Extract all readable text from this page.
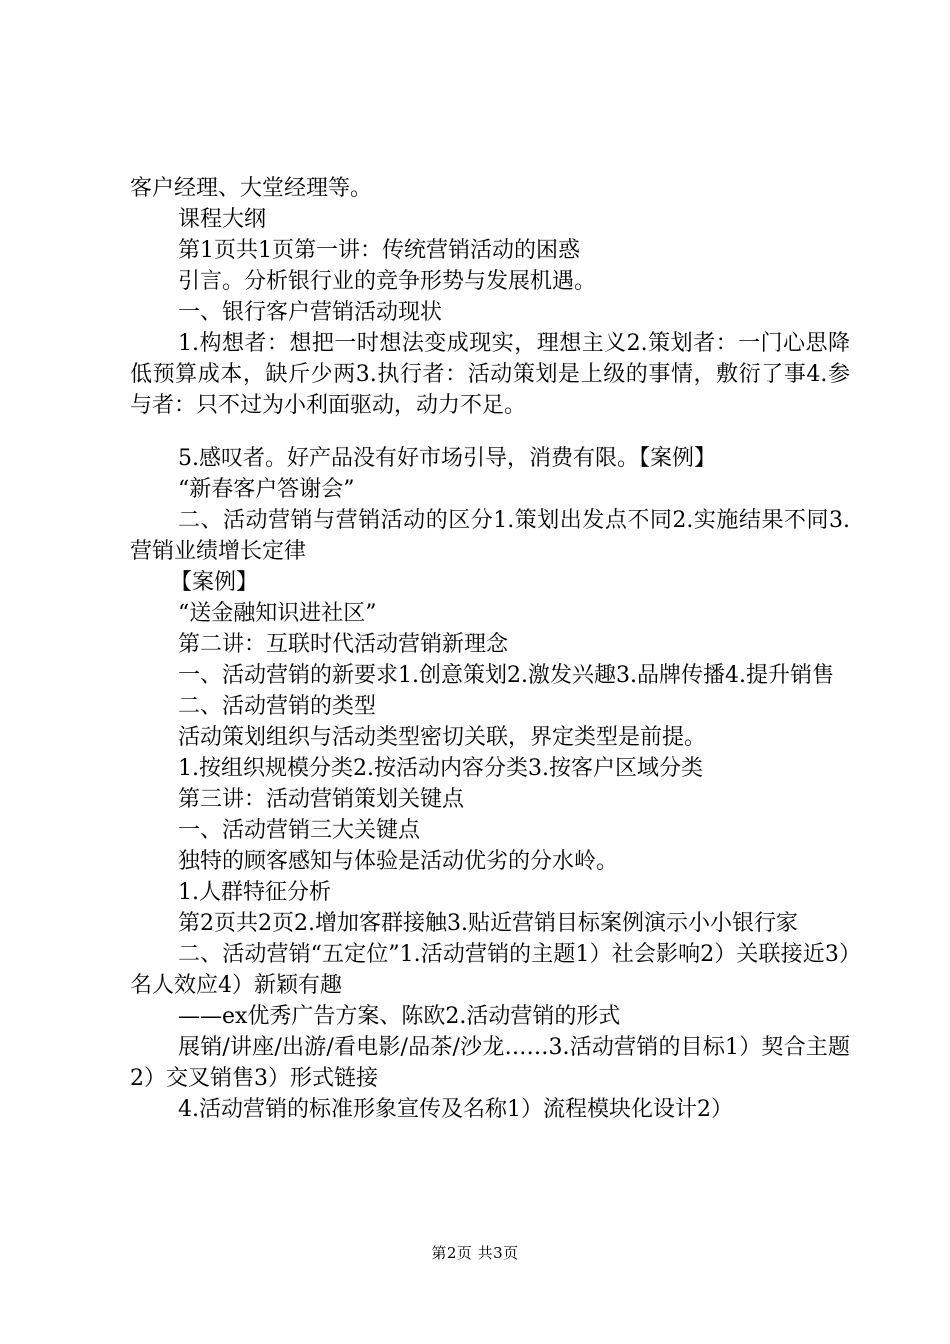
客户经理、大堂经理等。

课程大纲

第1页共1页第一讲：传统营销活动的困惑

引言。分析银行业的竞争形势与发展机遇。

一、银行客户营销活动现状

1.构想者：想把一时想法变成现实，理想主义2.策划者：一门心思降低预算成本，缺斤少两3.执行者：活动策划是上级的事情，敷衍了事4.参与者：只不过为小利面驱动，动力不足。

5.感叹者。好产品没有好市场引导，消费有限。【案例】

“新春客户答谢会”

二、活动营销与营销活动的区分1.策划出发点不同2.实施结果不同3.营销业绩增长定律

【案例】

“送金融知识进社区”

第二讲：互联时代活动营销新理念

一、活动营销的新要求1.创意策划2.激发兴趣3.品牌传播4.提升销售

二、活动营销的类型

活动策划组织与活动类型密切关联，界定类型是前提。

1.按组织规模分类2.按活动内容分类3.按客户区域分类

第三讲：活动营销策划关键点

一、活动营销三大关键点

独特的顾客感知与体验是活动优劣的分水岭。

1.人群特征分析

第2页共2页2.增加客群接触3.贴近营销目标案例演示小小银行家

二、活动营销“五定位”1.活动营销的主题1）社会影响2）关联接近3）名人效应4）新颖有趣

——ex优秀广告方案、陈欧2.活动营销的形式

展销/讲座/出游/看电影/品茶/沙龙……3.活动营销的目标1）契合主题2）交叉销售3）形式链接

4.活动营销的标准形象宣传及名称1）流程模块化设计2）

第2页 共3页
